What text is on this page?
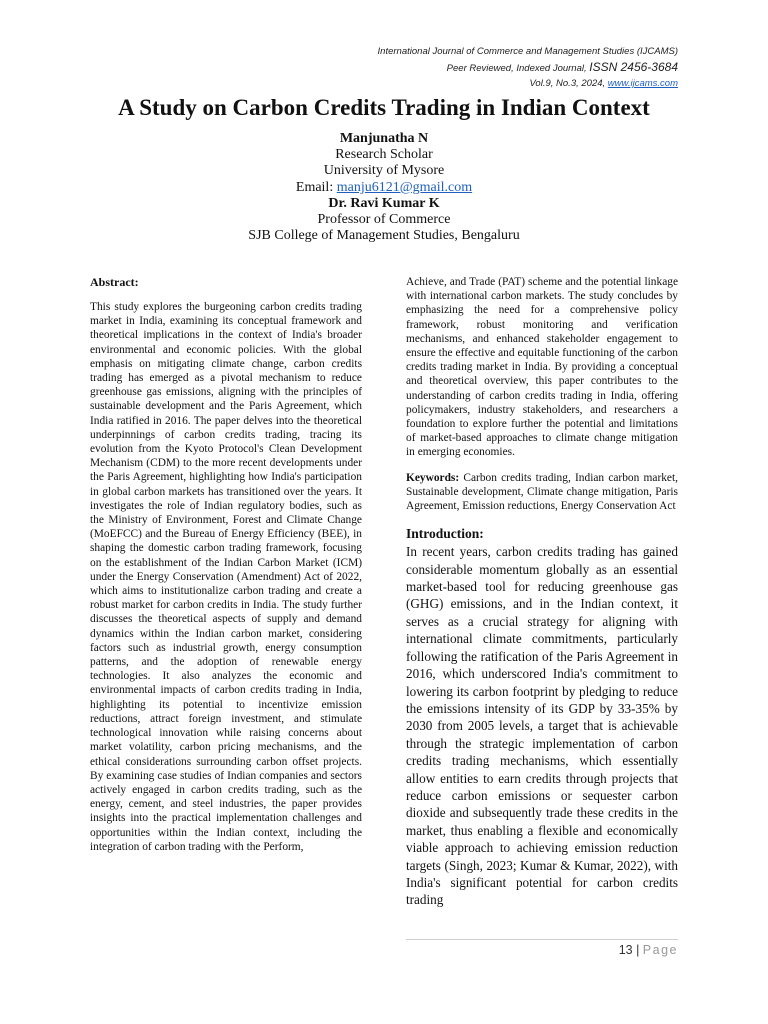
International Journal of Commerce and Management Studies (IJCAMS)
Peer Reviewed, Indexed Journal, ISSN 2456-3684
Vol.9, No.3, 2024, www.ijcams.com
A Study on Carbon Credits Trading in Indian Context
Manjunatha N
Research Scholar
University of Mysore
Email: manju6121@gmail.com
Dr. Ravi Kumar K
Professor of Commerce
SJB College of Management Studies, Bengaluru

Abstract:

This study explores the burgeoning carbon credits trading market in India, examining its conceptual framework and theoretical implications in the context of India's broader environmental and economic policies. With the global emphasis on mitigating climate change, carbon credits trading has emerged as a pivotal mechanism to reduce greenhouse gas emissions, aligning with the principles of sustainable development and the Paris Agreement, which India ratified in 2016. The paper delves into the theoretical underpinnings of carbon credits trading, tracing its evolution from the Kyoto Protocol's Clean Development Mechanism (CDM) to the more recent developments under the Paris Agreement, highlighting how India's participation in global carbon markets has transitioned over the years. It investigates the role of Indian regulatory bodies, such as the Ministry of Environment, Forest and Climate Change (MoEFCC) and the Bureau of Energy Efficiency (BEE), in shaping the domestic carbon trading framework, focusing on the establishment of the Indian Carbon Market (ICM) under the Energy Conservation (Amendment) Act of 2022, which aims to institutionalize carbon trading and create a robust market for carbon credits in India. The study further discusses the theoretical aspects of supply and demand dynamics within the Indian carbon market, considering factors such as industrial growth, energy consumption patterns, and the adoption of renewable energy technologies. It also analyzes the economic and environmental impacts of carbon credits trading in India, highlighting its potential to incentivize emission reductions, attract foreign investment, and stimulate technological innovation while raising concerns about market volatility, carbon pricing mechanisms, and the ethical considerations surrounding carbon offset projects. By examining case studies of Indian companies and sectors actively engaged in carbon credits trading, such as the energy, cement, and steel industries, the paper provides insights into the practical implementation challenges and opportunities within the Indian context, including the integration of carbon trading with the Perform,

Achieve, and Trade (PAT) scheme and the potential linkage with international carbon markets. The study concludes by emphasizing the need for a comprehensive policy framework, robust monitoring and verification mechanisms, and enhanced stakeholder engagement to ensure the effective and equitable functioning of the carbon credits trading market in India. By providing a conceptual and theoretical overview, this paper contributes to the understanding of carbon credits trading in India, offering policymakers, industry stakeholders, and researchers a foundation to explore further the potential and limitations of market-based approaches to climate change mitigation in emerging economies.

Keywords: Carbon credits trading, Indian carbon market, Sustainable development, Climate change mitigation, Paris Agreement, Emission reductions, Energy Conservation Act

Introduction:

In recent years, carbon credits trading has gained considerable momentum globally as an essential market-based tool for reducing greenhouse gas (GHG) emissions, and in the Indian context, it serves as a crucial strategy for aligning with international climate commitments, particularly following the ratification of the Paris Agreement in 2016, which underscored India's commitment to lowering its carbon footprint by pledging to reduce the emissions intensity of its GDP by 33-35% by 2030 from 2005 levels, a target that is achievable through the strategic implementation of carbon credits trading mechanisms, which essentially allow entities to earn credits through projects that reduce carbon emissions or sequester carbon dioxide and subsequently trade these credits in the market, thus enabling a flexible and economically viable approach to achieving emission reduction targets (Singh, 2023; Kumar & Kumar, 2022), with India's significant potential for carbon credits trading

13 | Page
